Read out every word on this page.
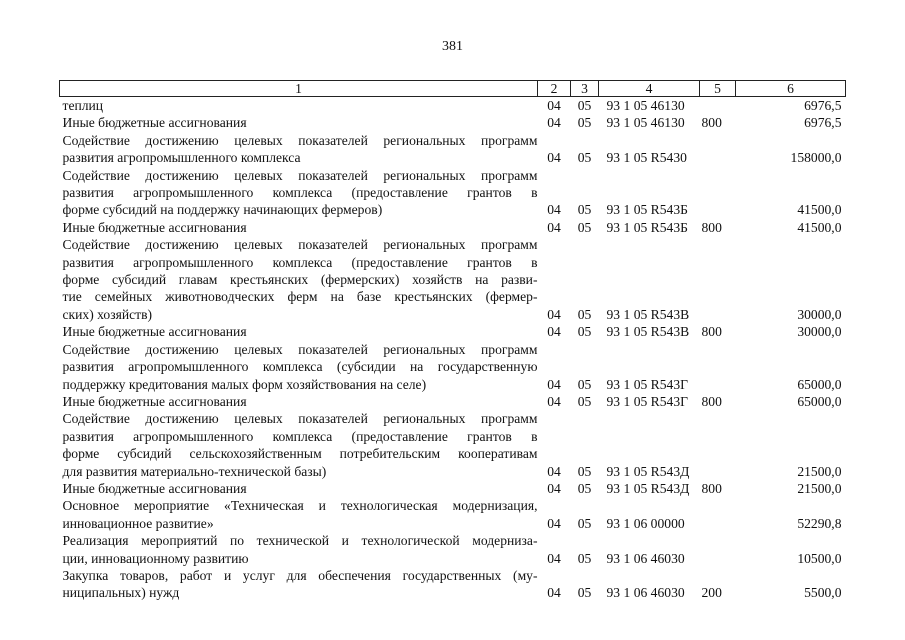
381
1	2	3	4	5	6

теплиц	04	05	93 1 05 46130		6976,5

Иные бюджетные ассигнования	04	05	93 1 05 46130	800	6976,5

Содействие достижению целевых показателей региональных программ
развития агропромышленного комплекса	04	05	93 1 05 R5430		158000,0

Содействие достижению целевых показателей региональных программ
развития агропромышленного комплекса (предоставление грантов в
форме субсидий на поддержку начинающих фермеров)	04	05	93 1 05 R543Б		41500,0

Иные бюджетные ассигнования	04	05	93 1 05 R543Б	800	41500,0

Содействие достижению целевых показателей региональных программ
развития агропромышленного комплекса (предоставление грантов в
форме субсидий главам крестьянских (фермерских) хозяйств на разви-
тие семейных животноводческих ферм на базе крестьянских (фермер-
ских) хозяйств)	04	05	93 1 05 R543В		30000,0

Иные бюджетные ассигнования	04	05	93 1 05 R543В	800	30000,0

Содействие достижению целевых показателей региональных программ
развития агропромышленного комплекса (субсидии на государственную
поддержку кредитования малых форм хозяйствования на селе)	04	05	93 1 05 R543Г		65000,0

Иные бюджетные ассигнования	04	05	93 1 05 R543Г	800	65000,0

Содействие достижению целевых показателей региональных программ
развития агропромышленного комплекса (предоставление грантов в
форме субсидий сельскохозяйственным потребительским кооперативам
для развития материально-технической базы)	04	05	93 1 05 R543Д		21500,0

Иные бюджетные ассигнования	04	05	93 1 05 R543Д	800	21500,0

Основное мероприятие «Техническая и технологическая модернизация,
инновационное развитие»	04	05	93 1 06 00000		52290,8

Реализация мероприятий по технической и технологической модерниза-
ции, инновационному развитию	04	05	93 1 06 46030		10500,0

Закупка товаров, работ и услуг для обеспечения государственных (му-
ниципальных) нужд	04	05	93 1 06 46030	200	5500,0
